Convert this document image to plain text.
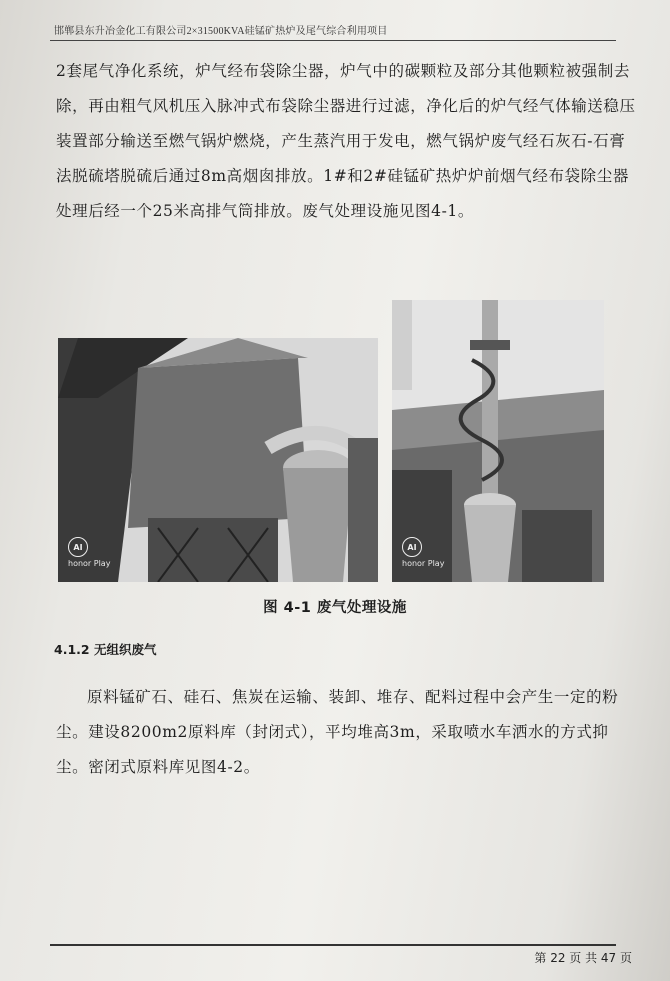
邯郸县东升冶金化工有限公司2×31500KVA硅锰矿热炉及尾气综合利用项目

2套尾气净化系统，炉气经布袋除尘器，炉气中的碳颗粒及部分其他颗粒被强制去除，再由粗气风机压入脉冲式布袋除尘器进行过滤，净化后的炉气经气体输送稳压装置部分输送至燃气锅炉燃烧，产生蒸汽用于发电，燃气锅炉废气经石灰石-石膏法脱硫塔脱硫后通过8m高烟囱排放。1#和2#硅锰矿热炉炉前烟气经布袋除尘器处理后经一个25米高排气筒排放。废气处理设施见图4-1。

AI
honor Play
AI
honor Play
图 4-1 废气处理设施
4.1.2 无组织废气

原料锰矿石、硅石、焦炭在运输、装卸、堆存、配料过程中会产生一定的粉尘。建设8200m2原料库（封闭式），平均堆高3m，采取喷水车洒水的方式抑尘。密闭式原料库见图4-2。

第 22 页 共 47 页
